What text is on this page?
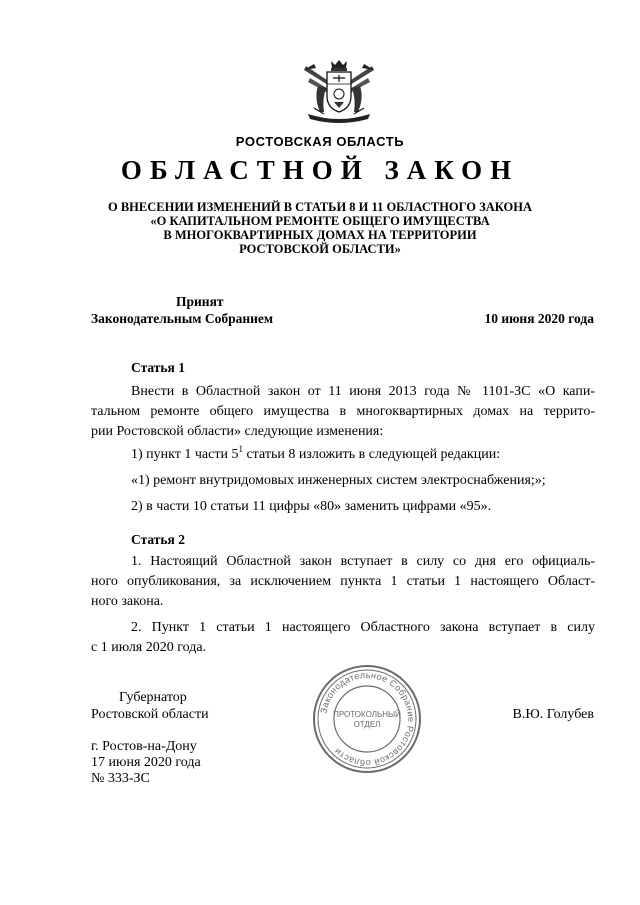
РОСТОВСКАЯ ОБЛАСТЬ
ОБЛАСТНОЙ ЗАКОН
О ВНЕСЕНИИ ИЗМЕНЕНИЙ В СТАТЬИ 8 И 11 ОБЛАСТНОГО ЗАКОНА
«О КАПИТАЛЬНОМ РЕМОНТЕ ОБЩЕГО ИМУЩЕСТВА
В МНОГОКВАРТИРНЫХ ДОМАХ НА ТЕРРИТОРИИ
РОСТОВСКОЙ ОБЛАСТИ»
Принят
Законодательным Собранием	10 июня 2020 года
Статья 1
Внести в Областной закон от 11 июня 2013 года № 1101-ЗС «О капи-
тальном ремонте общего имущества в многоквартирных домах на террито-
рии Ростовской области» следующие изменения:
1) пункт 1 части $5^1$ статьи 8 изложить в следующей редакции:
«1) ремонт внутридомовых инженерных систем электроснабжения;»;
2) в части 10 статьи 11 цифры «80» заменить цифрами «95».
Статья 2
1. Настоящий Областной закон вступает в силу со дня его официаль-
ного опубликования, за исключением пункта 1 статьи 1 настоящего Област-
ного закона.
2. Пункт 1 статьи 1 настоящего Областного закона вступает в силу
с 1 июля 2020 года.
Губернатор
Ростовской области	В.Ю. Голубев
г. Ростов-на-Дону
17 июня 2020 года
№ 333-ЗС
Законодательное Собрание Ростовской области
ПРОТОКОЛЬНЫЙ
ОТДЕЛ
